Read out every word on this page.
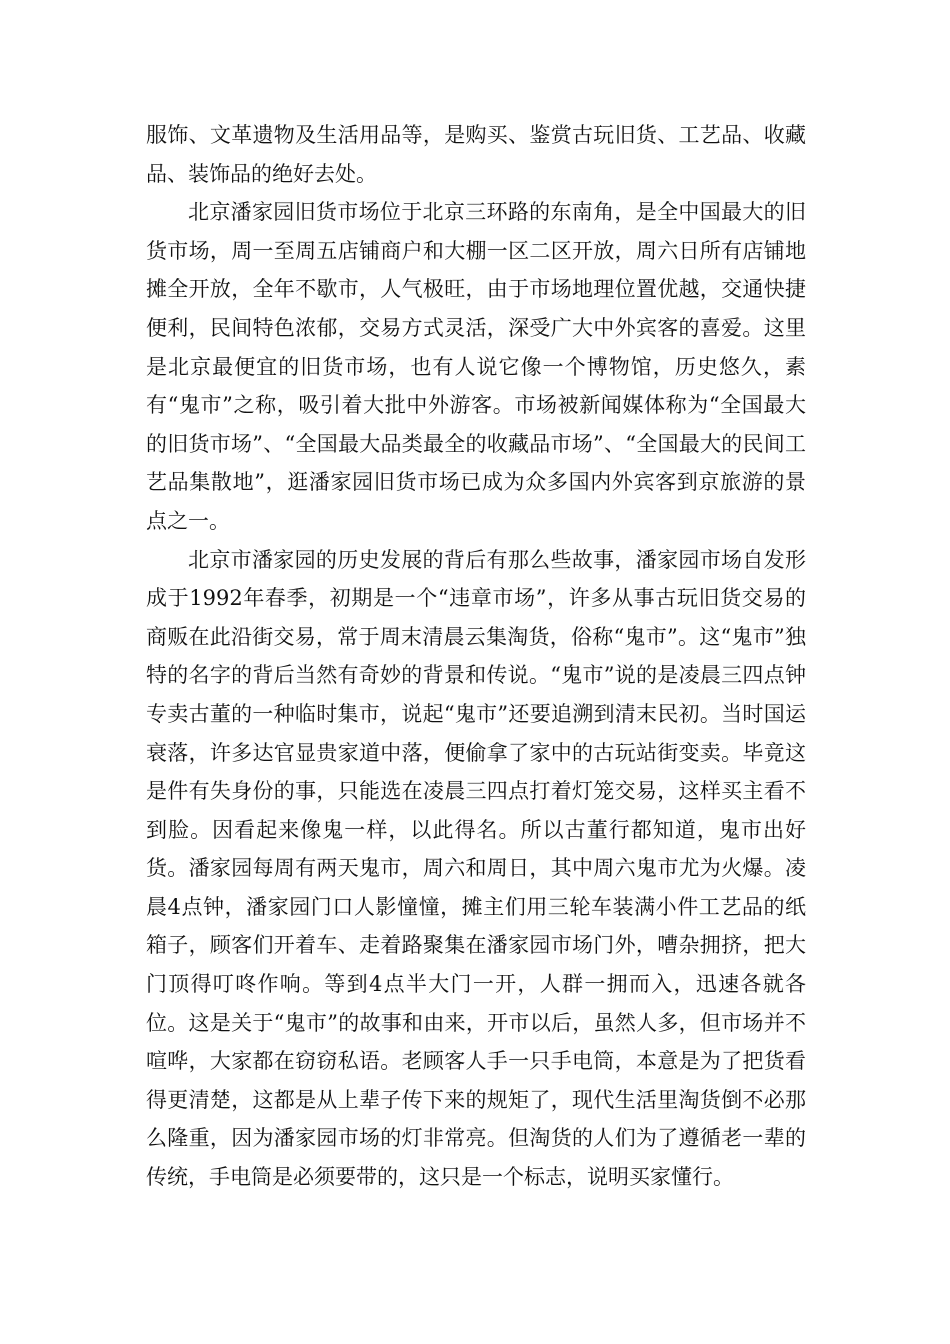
服饰、文革遗物及生活用品等，是购买、鉴赏古玩旧货、工艺品、收藏品、装饰品的绝好去处。

北京潘家园旧货市场位于北京三环路的东南角，是全中国最大的旧货市场，周一至周五店铺商户和大棚一区二区开放，周六日所有店铺地摊全开放，全年不歇市，人气极旺，由于市场地理位置优越，交通快捷便利，民间特色浓郁，交易方式灵活，深受广大中外宾客的喜爱。这里是北京最便宜的旧货市场，也有人说它像一个博物馆，历史悠久，素有“鬼市”之称，吸引着大批中外游客。市场被新闻媒体称为“全国最大的旧货市场”、“全国最大品类最全的收藏品市场”、“全国最大的民间工艺品集散地”，逛潘家园旧货市场已成为众多国内外宾客到京旅游的景点之一。

北京市潘家园的历史发展的背后有那么些故事，潘家园市场自发形成于1992年春季，初期是一个“违章市场”，许多从事古玩旧货交易的商贩在此沿街交易，常于周末清晨云集淘货，俗称“鬼市”。这“鬼市”独特的名字的背后当然有奇妙的背景和传说。“鬼市”说的是凌晨三四点钟专卖古董的一种临时集市，说起“鬼市”还要追溯到清末民初。当时国运衰落，许多达官显贵家道中落，便偷拿了家中的古玩站街变卖。毕竟这是件有失身份的事，只能选在凌晨三四点打着灯笼交易，这样买主看不到脸。因看起来像鬼一样，以此得名。所以古董行都知道，鬼市出好货。潘家园每周有两天鬼市，周六和周日，其中周六鬼市尤为火爆。凌晨4点钟，潘家园门口人影憧憧，摊主们用三轮车装满小件工艺品的纸箱子，顾客们开着车、走着路聚集在潘家园市场门外，嘈杂拥挤，把大门顶得叮咚作响。等到4点半大门一开，人群一拥而入，迅速各就各位。这是关于“鬼市”的故事和由来，开市以后，虽然人多，但市场并不喧哗，大家都在窃窃私语。老顾客人手一只手电筒，本意是为了把货看得更清楚，这都是从上辈子传下来的规矩了，现代生活里淘货倒不必那么隆重，因为潘家园市场的灯非常亮。但淘货的人们为了遵循老一辈的传统，手电筒是必须要带的，这只是一个标志，说明买家懂行。
